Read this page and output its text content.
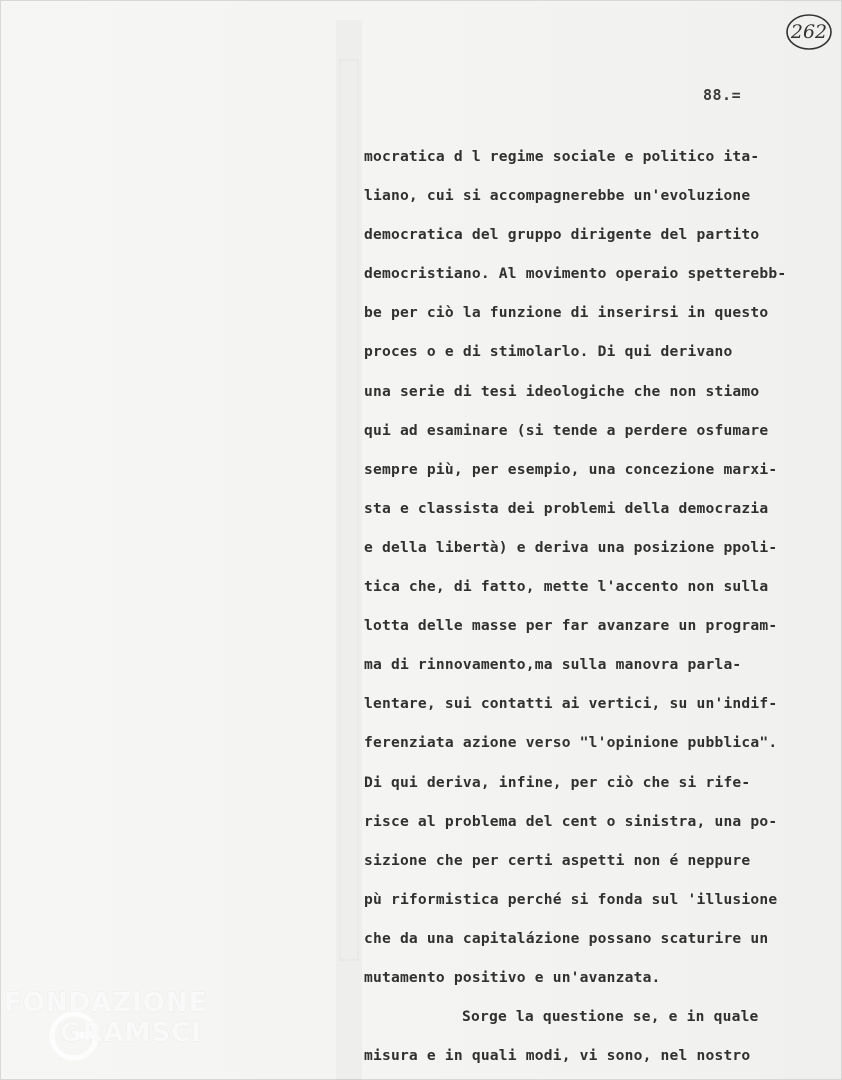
262
88.=
mocratica d l regime sociale e politico ita-
liano, cui si accompagnerebbe un'evoluzione
democratica del gruppo dirigente del partito
democristiano. Al movimento operaio spetterebb-
be per ciò la funzione di inserirsi in questo
proces o e di stimolarlo. Di qui derivano
una serie di tesi ideologiche che non stiamo
qui ad esaminare (si tende a perdere osfumare
sempre più, per esempio, una concezione marxi-
sta e classista dei problemi della democrazia
e della libertà) e deriva una posizione ppoli-
tica che, di fatto, mette l'accento non sulla
lotta delle masse per far avanzare un program-
ma di rinnovamento,ma sulla manovra parla-
lentare, sui contatti ai vertici, su un'indif-
ferenziata azione verso "l'opinione pubblica".
Di qui deriva, infine, per ciò che si rife-
risce al problema del cent o sinistra, una po-
sizione che per certi aspetti non é neppure
pù riformistica perché si fonda sul 'illusione
che da una capitalázione possano scaturire un
mutamento positivo e un'avanzata.
Sorge la questione se, e in quale
misura e in quali modi, vi sono, nel nostro
FONDAZIONE
GRAMSCI
